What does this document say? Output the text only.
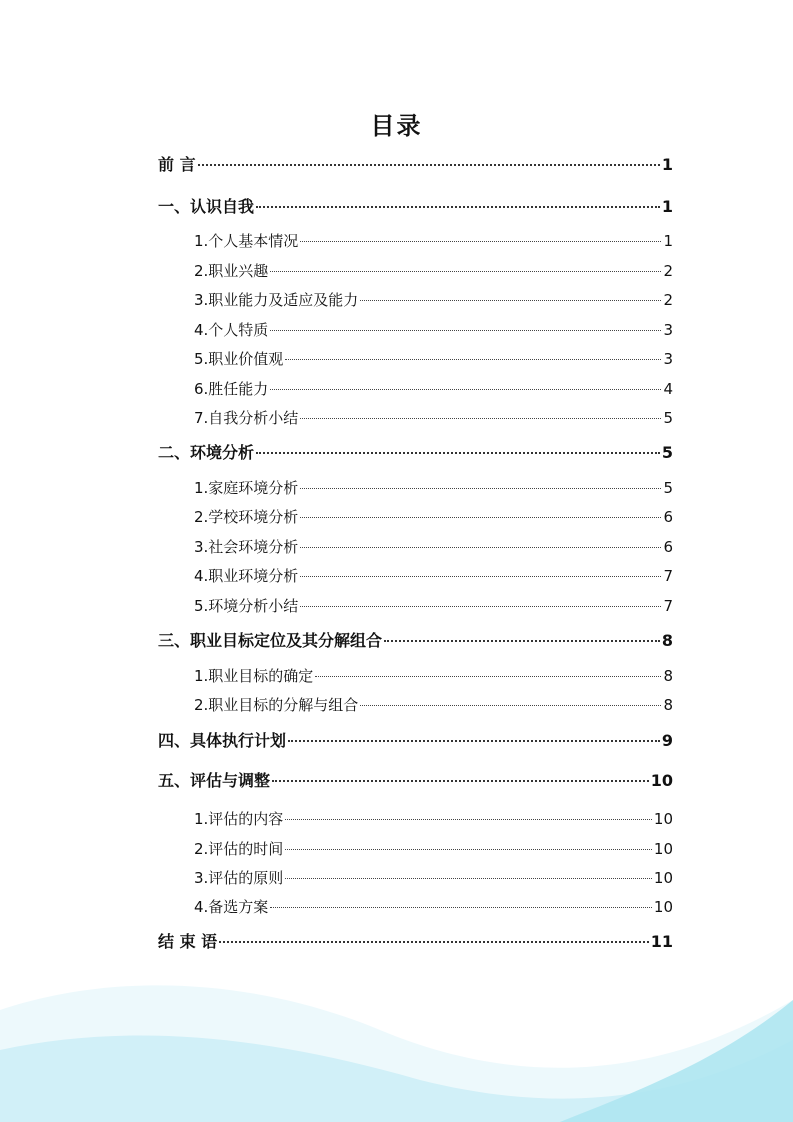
目录
前 言	1
一、认识自我	1
1.个人基本情况	1
2.职业兴趣	2
3.职业能力及适应及能力	2
4.个人特质	3
5.职业价值观	3
6.胜任能力	4
7.自我分析小结	5
二、环境分析	5
1.家庭环境分析	5
2.学校环境分析	6
3.社会环境分析	6
4.职业环境分析	7
5.环境分析小结	7
三、职业目标定位及其分解组合	8
1.职业目标的确定	8
2.职业目标的分解与组合	8
四、具体执行计划	9
五、评估与调整	10
1.评估的内容	10
2.评估的时间	10
3.评估的原则	10
4.备选方案	10
结 束 语	11
